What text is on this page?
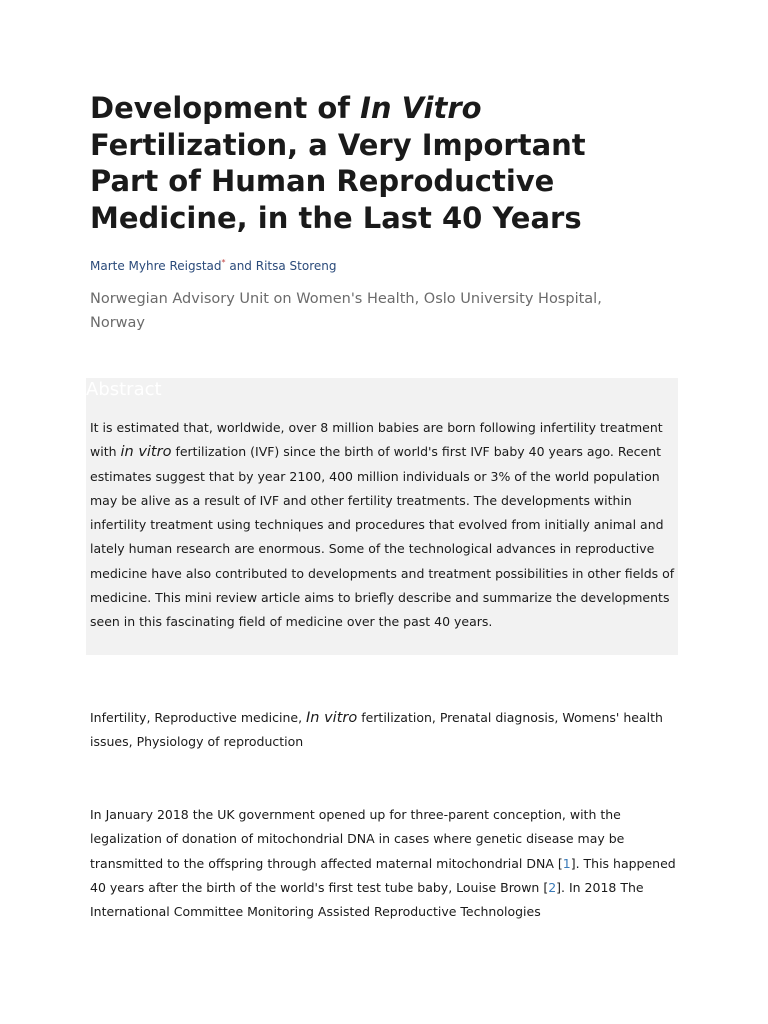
Development of In Vitro Fertilization, a Very Important Part of Human Reproductive Medicine, in the Last 40 Years
Marte Myhre Reigstad* and Ritsa Storeng
Norwegian Advisory Unit on Women's Health, Oslo University Hospital, Norway
Abstract
It is estimated that, worldwide, over 8 million babies are born following infertility treatment with in vitro fertilization (IVF) since the birth of world's first IVF baby 40 years ago. Recent estimates suggest that by year 2100, 400 million individuals or 3% of the world population may be alive as a result of IVF and other fertility treatments. The developments within infertility treatment using techniques and procedures that evolved from initially animal and lately human research are enormous. Some of the technological advances in reproductive medicine have also contributed to developments and treatment possibilities in other fields of medicine. This mini review article aims to briefly describe and summarize the developments seen in this fascinating field of medicine over the past 40 years.
Infertility, Reproductive medicine, In vitro fertilization, Prenatal diagnosis, Womens' health issues, Physiology of reproduction
In January 2018 the UK government opened up for three-parent conception, with the legalization of donation of mitochondrial DNA in cases where genetic disease may be transmitted to the offspring through affected maternal mitochondrial DNA [1]. This happened 40 years after the birth of the world's first test tube baby, Louise Brown [2]. In 2018 The International Committee Monitoring Assisted Reproductive Technologies
